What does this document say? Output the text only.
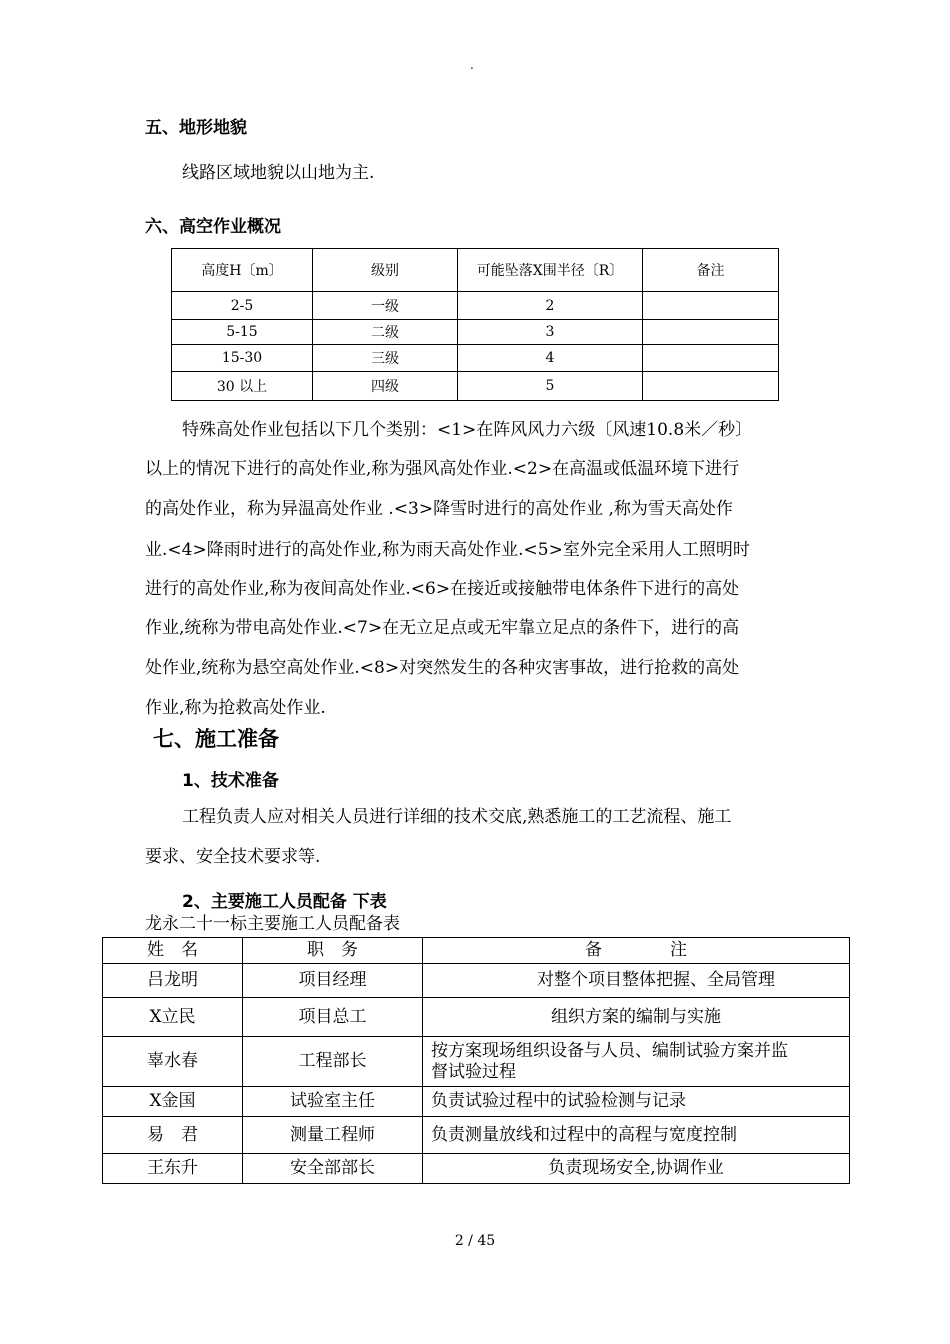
.
五、地形地貌
线路区域地貌以山地为主.
六、高空作业概况
高度H〔m〕	级别	可能坠落X围半径〔R〕	备注
2-5	一级	2	
5-15	二级	3	
15-30	三级	4	
30 以上	四级	5	
特殊高处作业包括以下几个类别：<1>在阵风风力六级〔风速10.8米／秒〕
以上的情况下进行的高处作业,称为强风高处作业.<2>在高温或低温环境下进行
的高处作业，称为异温高处作业 .<3>降雪时进行的高处作业 ,称为雪天高处作
业.<4>降雨时进行的高处作业,称为雨天高处作业.<5>室外完全采用人工照明时
进行的高处作业,称为夜间高处作业.<6>在接近或接触带电体条件下进行的高处
作业,统称为带电高处作业.<7>在无立足点或无牢靠立足点的条件下，进行的高
处作业,统称为悬空高处作业.<8>对突然发生的各种灾害事故，进行抢救的高处
作业,称为抢救高处作业.
七、施工准备
1、技术准备
工程负责人应对相关人员进行详细的技术交底,熟悉施工的工艺流程、施工
要求、安全技术要求等.
2、主要施工人员配备 下表
龙永二十一标主要施工人员配备表
姓　名	职　务	备　　　　注
吕龙明	项目经理	对整个项目整体把握、全局管理
X立民	项目总工	组织方案的编制与实施
辜水春	工程部长	按方案现场组织设备与人员、编制试验方案并监
督试验过程

X金国	试验室主任	负责试验过程中的试验检测与记录
易　君	测量工程师	负责测量放线和过程中的高程与宽度控制
王东升	安全部部长	负责现场安全,协调作业
2 / 45
